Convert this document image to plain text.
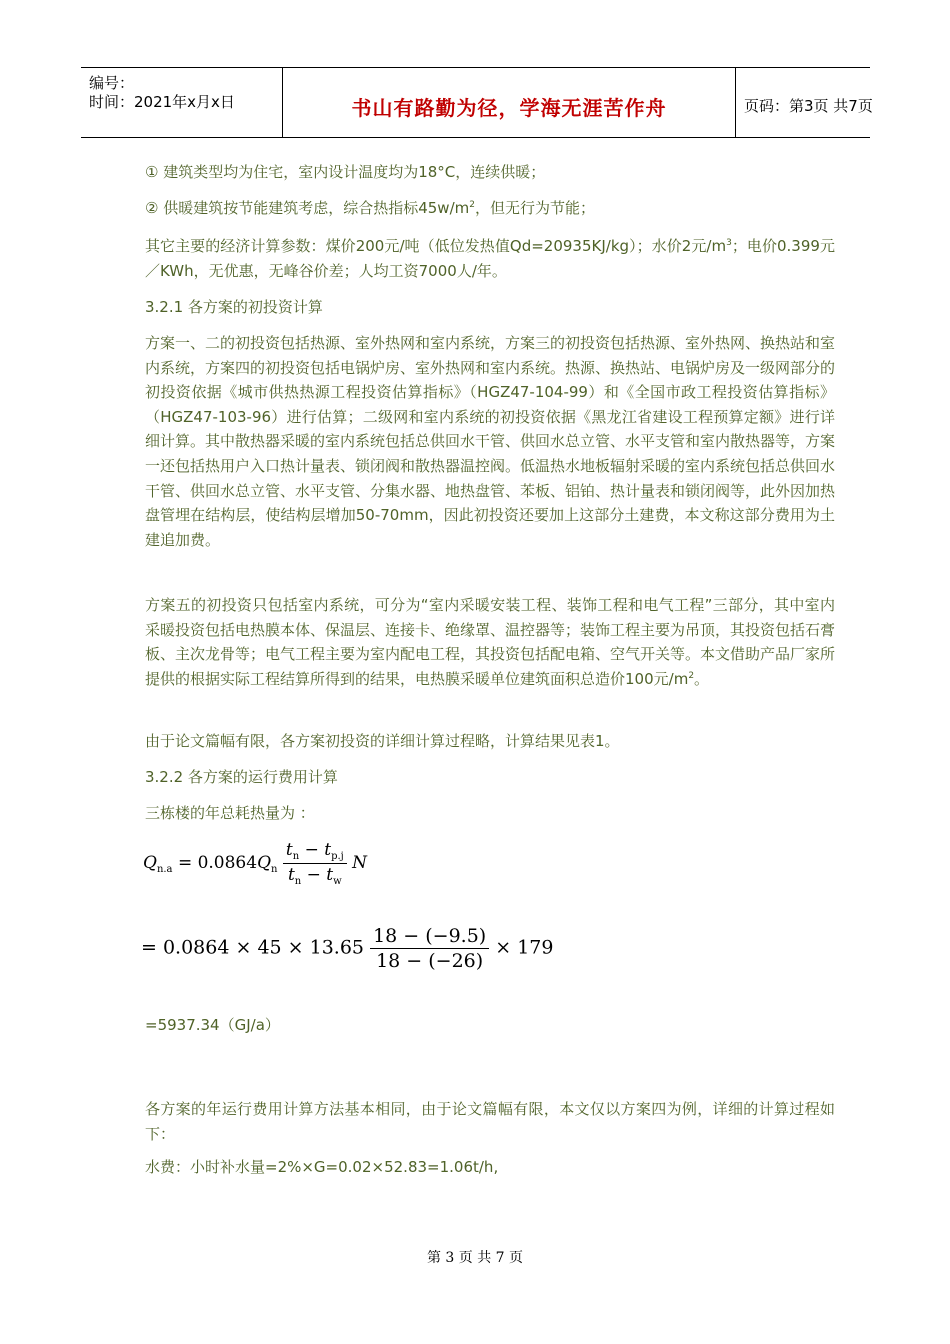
编号：
时间：2021年x月x日	书山有路勤为径，学海无涯苦作舟	页码：第3页 共7页
① 建筑类型均为住宅，室内设计温度均为18°C，连续供暖；
② 供暖建筑按节能建筑考虑，综合热指标$45w/m^2$，但无行为节能；
其它主要的经济计算参数：煤价200元/吨（低位发热值Qd=20935KJ/kg）；水价2元$/m^3$；电价0.399元／KWh，无优惠，无峰谷价差；人均工资7000人/年。
3.2.1 各方案的初投资计算
方案一、二的初投资包括热源、室外热网和室内系统，方案三的初投资包括热源、室外热网、换热站和室内系统，方案四的初投资包括电锅炉房、室外热网和室内系统。热源、换热站、电锅炉房及一级网部分的初投资依据《城市供热热源工程投资估算指标》（HGZ47-104-99）和《全国市政工程投资估算指标》（HGZ47-103-96）进行估算；二级网和室内系统的初投资依据《黑龙江省建设工程预算定额》进行详细计算。其中散热器采暖的室内系统包括总供回水干管、供回水总立管、水平支管和室内散热器等，方案一还包括热用户入口热计量表、锁闭阀和散热器温控阀。低温热水地板辐射采暖的室内系统包括总供回水干管、供回水总立管、水平支管、分集水器、地热盘管、苯板、铝铂、热计量表和锁闭阀等，此外因加热盘管埋在结构层，使结构层增加50-70mm，因此初投资还要加上这部分土建费，本文称这部分费用为土建追加费。
方案五的初投资只包括室内系统，可分为“室内采暖安装工程、装饰工程和电气工程”三部分，其中室内采暖投资包括电热膜本体、保温层、连接卡、绝缘罩、温控器等；装饰工程主要为吊顶，其投资包括石膏板、主次龙骨等；电气工程主要为室内配电工程，其投资包括配电箱、空气开关等。本文借助产品厂家所提供的根据实际工程结算所得到的结果，电热膜采暖单位建筑面积总造价100元$/m^2$。
由于论文篇幅有限，各方案初投资的详细计算过程略，计算结果见表1。
3.2.2 各方案的运行费用计算
三栋楼的年总耗热量为 ：
$Q_{n.a} = 0.0864Q_n \frac{t_n - t_{p.j}}{t_n - t_w}$ N
= $0.0864 \times 45 \times 13.65 \frac{18 - (-9.5)}{18 - (-26)} \times 179$
=5937.34（GJ/a）
各方案的年运行费用计算方法基本相同，由于论文篇幅有限，本文仅以方案四为例，详细的计算过程如下：
水费：小时补水量=2%×G=0.02×52.83=1.06t/h,
第 3 页 共 7 页
